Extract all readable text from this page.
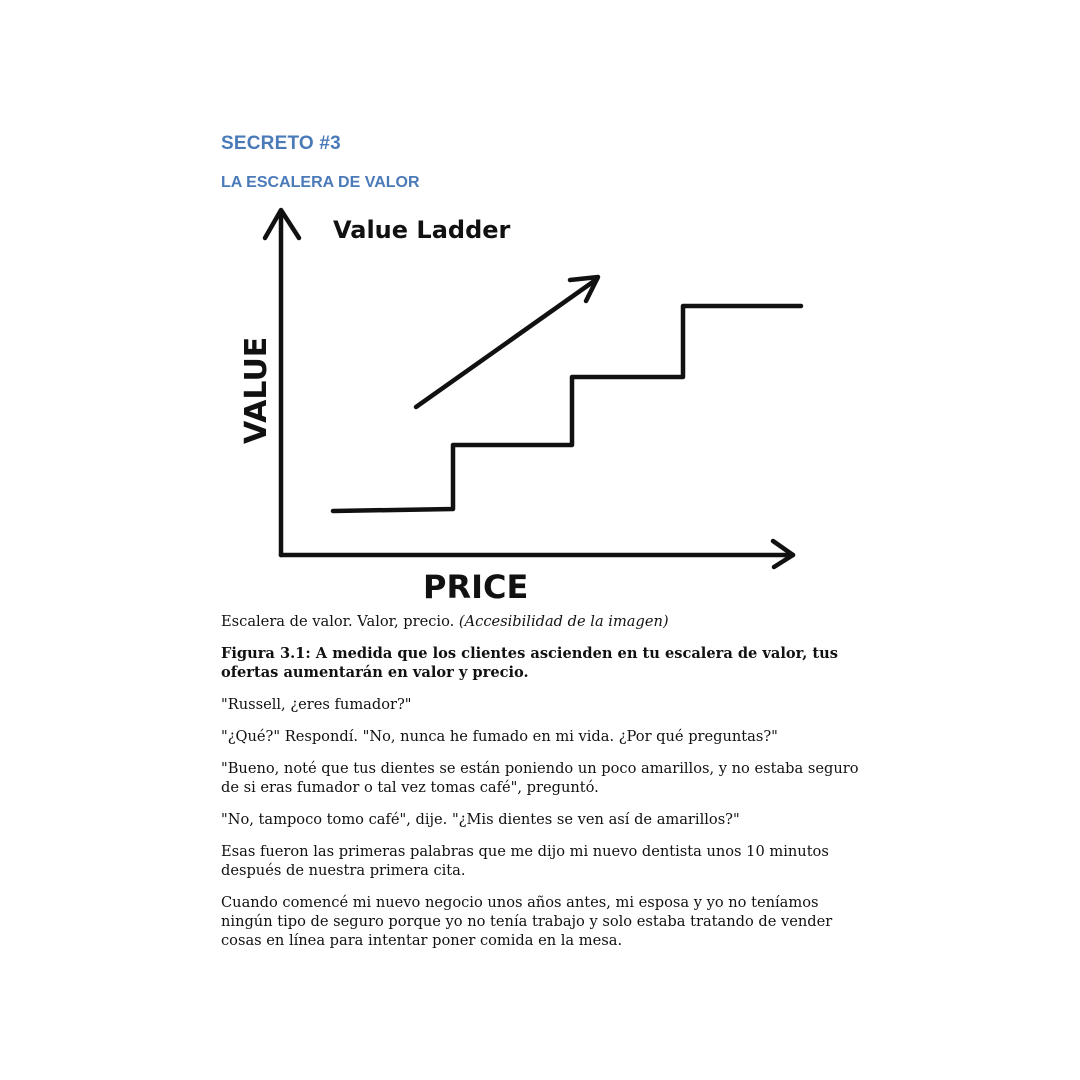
SECRETO #3
LA ESCALERA DE VALOR
Value Ladder
VALUE
PRICE

Escalera de valor. Valor, precio. (Accesibilidad de la imagen)

Figura 3.1: A medida que los clientes ascienden en tu escalera de valor, tus ofertas aumentarán en valor y precio.

"Russell, ¿eres fumador?"

"¿Qué?" Respondí. "No, nunca he fumado en mi vida. ¿Por qué preguntas?"

"Bueno, noté que tus dientes se están poniendo un poco amarillos, y no estaba seguro de si eras fumador o tal vez tomas café", preguntó.

"No, tampoco tomo café", dije. "¿Mis dientes se ven así de amarillos?"

Esas fueron las primeras palabras que me dijo mi nuevo dentista unos 10 minutos después de nuestra primera cita.

Cuando comencé mi nuevo negocio unos años antes, mi esposa y yo no teníamos ningún tipo de seguro porque yo no tenía trabajo y solo estaba tratando de vender cosas en línea para intentar poner comida en la mesa.
